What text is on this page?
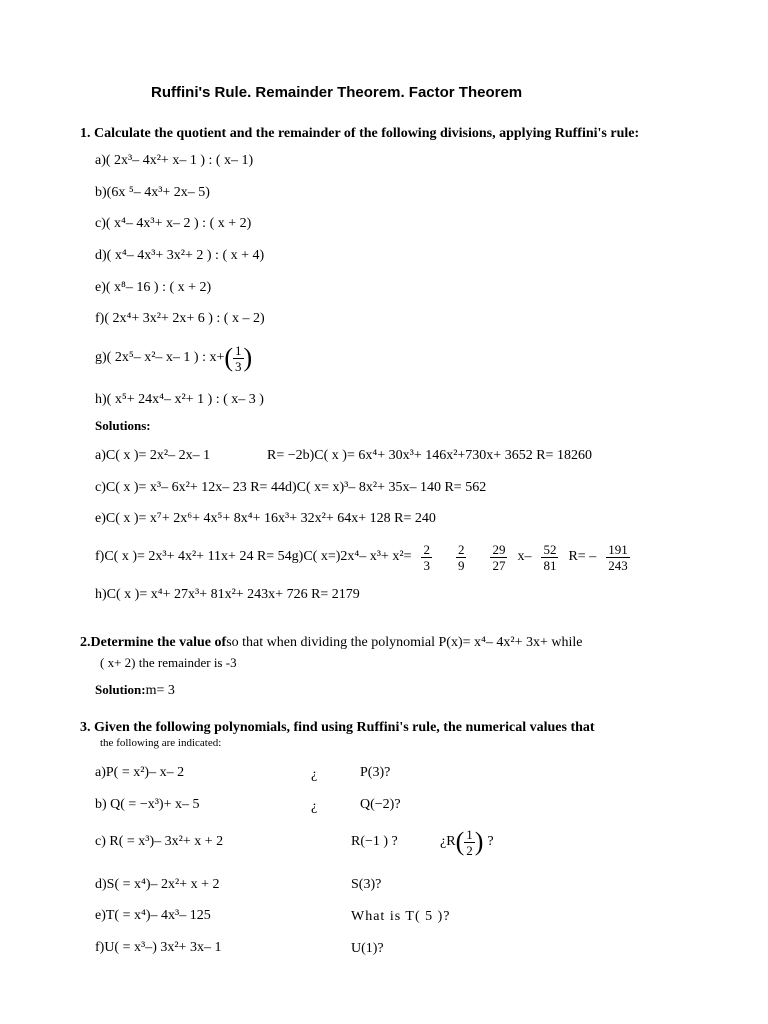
Ruffini's Rule. Remainder Theorem. Factor Theorem
1. Calculate the quotient and the remainder of the following divisions, applying Ruffini's rule:
a)( 2x³– 4x²+ x– 1 ) : ( x– 1)
b)(6x ⁵– 4x³+ 2x– 5)
c)( x⁴– 4x³+ x– 2 ) : ( x + 2)
d)( x⁴– 4x³+ 3x²+ 2 ) : ( x + 4)
e)( x⁸– 16 ) : ( x + 2)
f)( 2x⁴+ 3x²+ 2x+ 6 ) : ( x – 2)
g)( 2x⁵– x²– x– 1 ) : x+ ( 1
3 )
h)( x⁵+ 24x⁴– x²+ 1 ) : ( x– 3 )
Solutions:
a)C( x )= 2x²– 2x– 1	R= −2b)C( x )= 6x⁴+ 30x³+ 146x²+730x+ 3652 R= 18260
c)C( x )= x³– 6x²+ 12x– 23 R= 44d)C( x= x)³– 8x²+ 35x– 140 R= 562
e)C( x )= x⁷+ 2x⁶+ 4x⁵+ 8x⁴+ 16x³+ 32x²+ 64x+ 128 R= 240
f)C( x )= 2x³+ 4x²+ 11x+ 24 R= 54g)C( x=)2x⁴– $x^3+ x^2= \frac{2}{3} 2$
9
29
27
x– 52
81
R= – 191
243
h)C( x )= x⁴+ 27x³+ 81x²+ 243x+ 726 R= 2179
2.Determine the value ofso that when dividing the polynomial P(x)= x⁴– 4x²+ 3x+ while
( x+ 2) the remainder is -3
Solution:m= 3
3. Given the following polynomials, find using Ruffini's rule, the numerical values that
the following are indicated:
a)P( = x²)– x– 2	¿	P(3)?
b) Q( = −x³)+ x– 5	¿	Q(−2)?
c) R( = x³)– 3x²+ x + 2	R(−1 ) ?	¿R ( 1
2 ) ?
d)S( = x⁴)– 2x²+ x + 2	S(3)?
e)T( = x⁴)– 4x³– 125	What is T( 5 )?
f)U( = x³–) 3x²+ 3x– 1	U(1)?
